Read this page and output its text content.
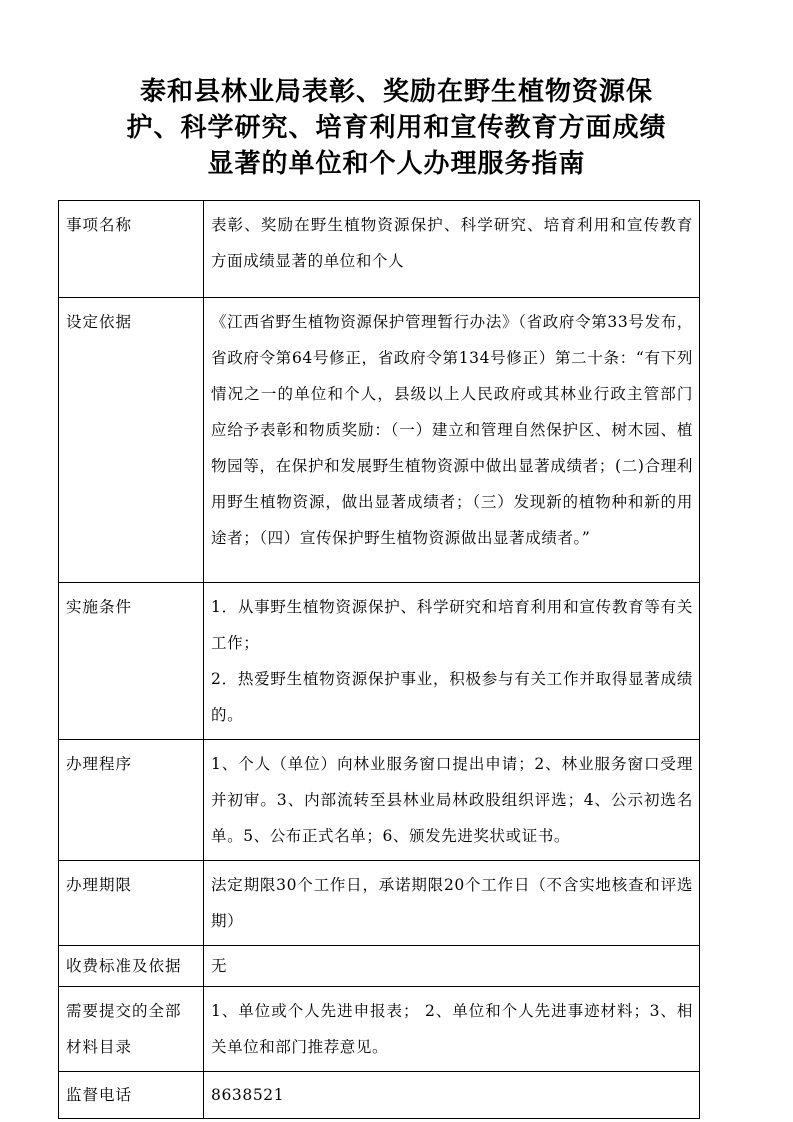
泰和县林业局表彰、奖励在野生植物资源保
护、科学研究、培育利用和宣传教育方面成绩
显著的单位和个人办理服务指南
事项名称	表彰、奖励在野生植物资源保护、科学研究、培育利用和宣传教育方面成绩显著的单位和个人

设定依据	《江西省野生植物资源保护管理暂行办法》（省政府令第33号发布，省政府令第64号修正，省政府令第134号修正）第二十条：“有下列情况之一的单位和个人，县级以上人民政府或其林业行政主管部门应给予表彰和物质奖励：（一）建立和管理自然保护区、树木园、植物园等，在保护和发展野生植物资源中做出显著成绩者；(二)合理利用野生植物资源，做出显著成绩者；（三）发现新的植物种和新的用途者；（四）宣传保护野生植物资源做出显著成绩者。”

实施条件	1．从事野生植物资源保护、科学研究和培育利用和宣传教育等有关工作；
2．热爱野生植物资源保护事业，积极参与有关工作并取得显著成绩的。

办理程序	1、个人（单位）向林业服务窗口提出申请；2、林业服务窗口受理并初审。3、内部流转至县林业局林政股组织评选；4、公示初选名单。5、公布正式名单；6、颁发先进奖状或证书。

办理期限	法定期限30个工作日，承诺期限20个工作日（不含实地核查和评选期）

收费标准及依据	无

需要提交的全部材料目录	1、单位或个人先进申报表； 2、单位和个人先进事迹材料；3、相关单位和部门推荐意见。

监督电话	8638521
